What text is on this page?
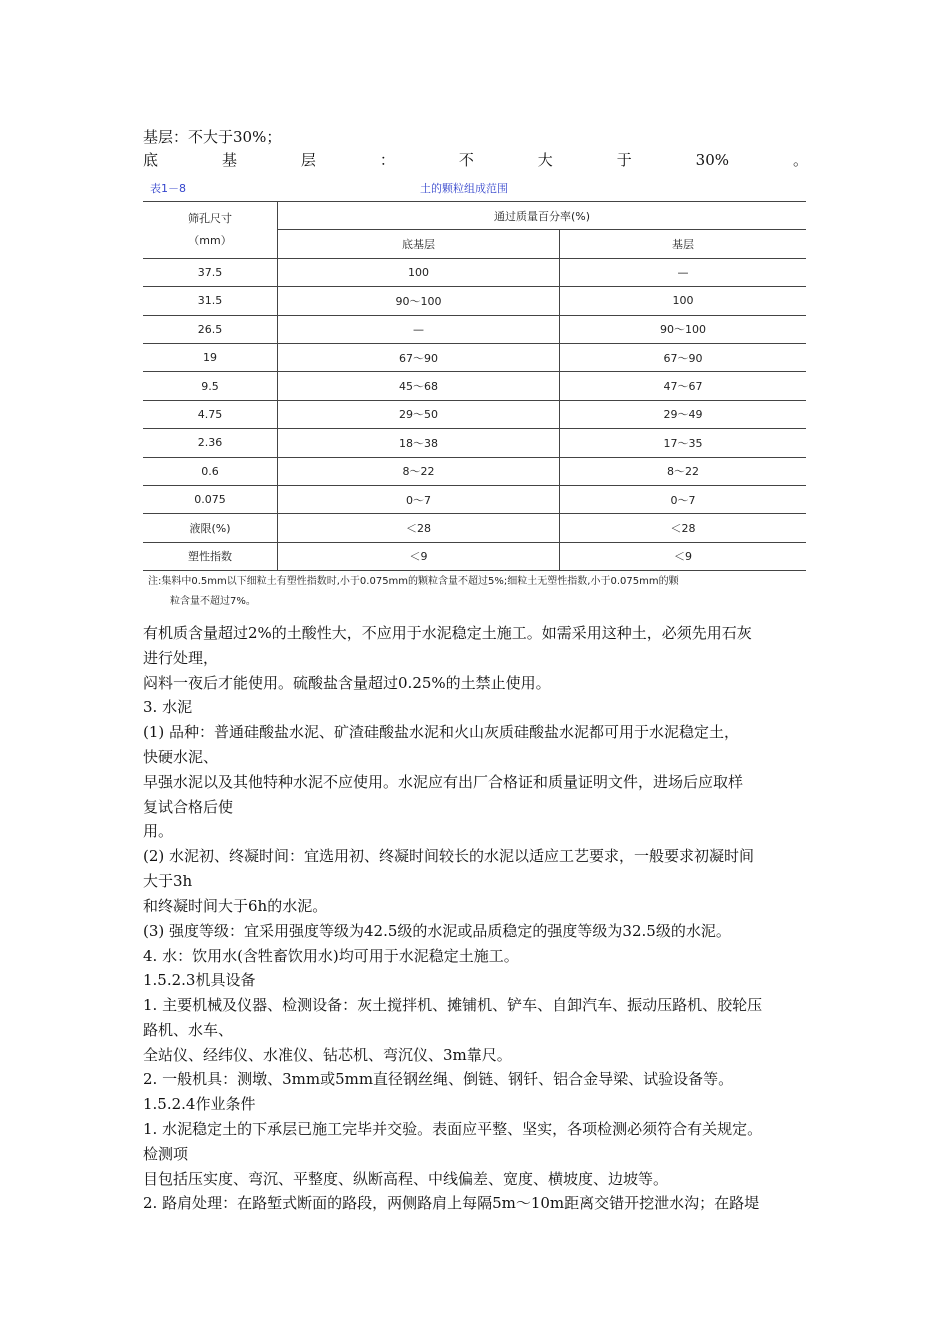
基层：不大于30%；
底	基	层	：	不	大	于	30%	。
表1－8	土的颗粒组成范围
筛孔尺寸
（mm）	通过质量百分率(%)	
	底基层	基层
37.5	100	—
31.5	90～100	100
26.5	—	90～100
19	67～90	67～90
9.5	45～68	47～67
4.75	29～50	29～49
2.36	18～38	17～35
0.6	8～22	8～22
0.075	0～7	0～7
液限(%)	＜28	＜28
塑性指数	＜9	＜9
注:集料中0.5mm以下细粒土有塑性指数时,小于0.075mm的颗粒含量不超过5%;细粒土无塑性指数,小于0.075mm的颗
粒含量不超过7%。
有机质含量超过2%的土酸性大，不应用于水泥稳定土施工。如需采用这种土，必须先用石灰
进行处理，
闷料一夜后才能使用。硫酸盐含量超过0.25%的土禁止使用。
3. 水泥
(1) 品种：普通硅酸盐水泥、矿渣硅酸盐水泥和火山灰质硅酸盐水泥都可用于水泥稳定土，
快硬水泥、
早强水泥以及其他特种水泥不应使用。水泥应有出厂合格证和质量证明文件，进场后应取样
复试合格后使
用。
(2) 水泥初、终凝时间：宜选用初、终凝时间较长的水泥以适应工艺要求，一般要求初凝时间
大于3h
和终凝时间大于6h的水泥。
(3) 强度等级：宜采用强度等级为42.5级的水泥或品质稳定的强度等级为32.5级的水泥。
4. 水：饮用水(含牲畜饮用水)均可用于水泥稳定土施工。
1.5.2.3机具设备
1. 主要机械及仪器、检测设备：灰土搅拌机、摊铺机、铲车、自卸汽车、振动压路机、胶轮压
路机、水车、
全站仪、经纬仪、水准仪、钻芯机、弯沉仪、3m靠尺。
2. 一般机具：测墩、3mm或5mm直径钢丝绳、倒链、钢钎、铝合金导梁、试验设备等。
1.5.2.4作业条件
1. 水泥稳定土的下承层已施工完毕并交验。表面应平整、坚实，各项检测必须符合有关规定。
检测项
目包括压实度、弯沉、平整度、纵断高程、中线偏差、宽度、横坡度、边坡等。
2. 路肩处理：在路堑式断面的路段，两侧路肩上每隔5m～10m距离交错开挖泄水沟；在路堤
